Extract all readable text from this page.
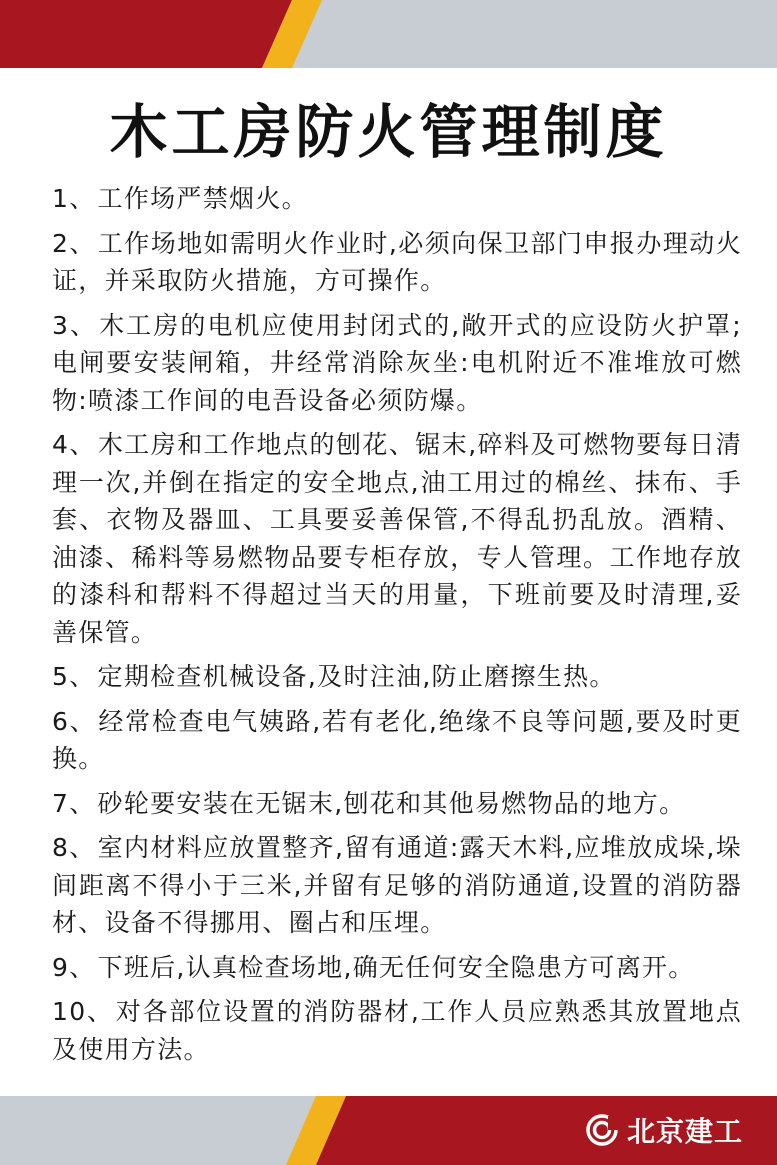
木工房防火管理制度
1、工作场严禁烟火。
2、工作场地如需明火作业时,必须向保卫部门申报办理动火证，并采取防火措施，方可操作。
3、木工房的电机应使用封闭式的,敞开式的应设防火护罩;电闸要安装闸箱，井经常消除灰坐:电机附近不准堆放可燃物:喷漆工作间的电吾设备必须防爆。
4、木工房和工作地点的刨花、锯末,碎料及可燃物要每日清理一次,并倒在指定的安全地点,油工用过的棉丝、抹布、手套、衣物及器皿、工具要妥善保管,不得乱扔乱放。酒精、油漆、稀料等易燃物品要专柜存放，专人管理。工作地存放的漆科和帮料不得超过当天的用量，下班前要及时清理,妥善保管。
5、定期检查机械设备,及时注油,防止磨擦生热。
6、经常检查电气姨路,若有老化,绝缘不良等问题,要及时更换。
7、砂轮要安装在无锯末,刨花和其他易燃物品的地方。
8、室内材料应放置整齐,留有通道:露天木料,应堆放成垛,垛间距离不得小于三米,并留有足够的消防通道,设置的消防器材、设备不得挪用、圈占和压埋。
9、下班后,认真检查场地,确无任何安全隐患方可离开。
10、对各部位设置的消防器材,工作人员应熟悉其放置地点及使用方法。
北京建工
